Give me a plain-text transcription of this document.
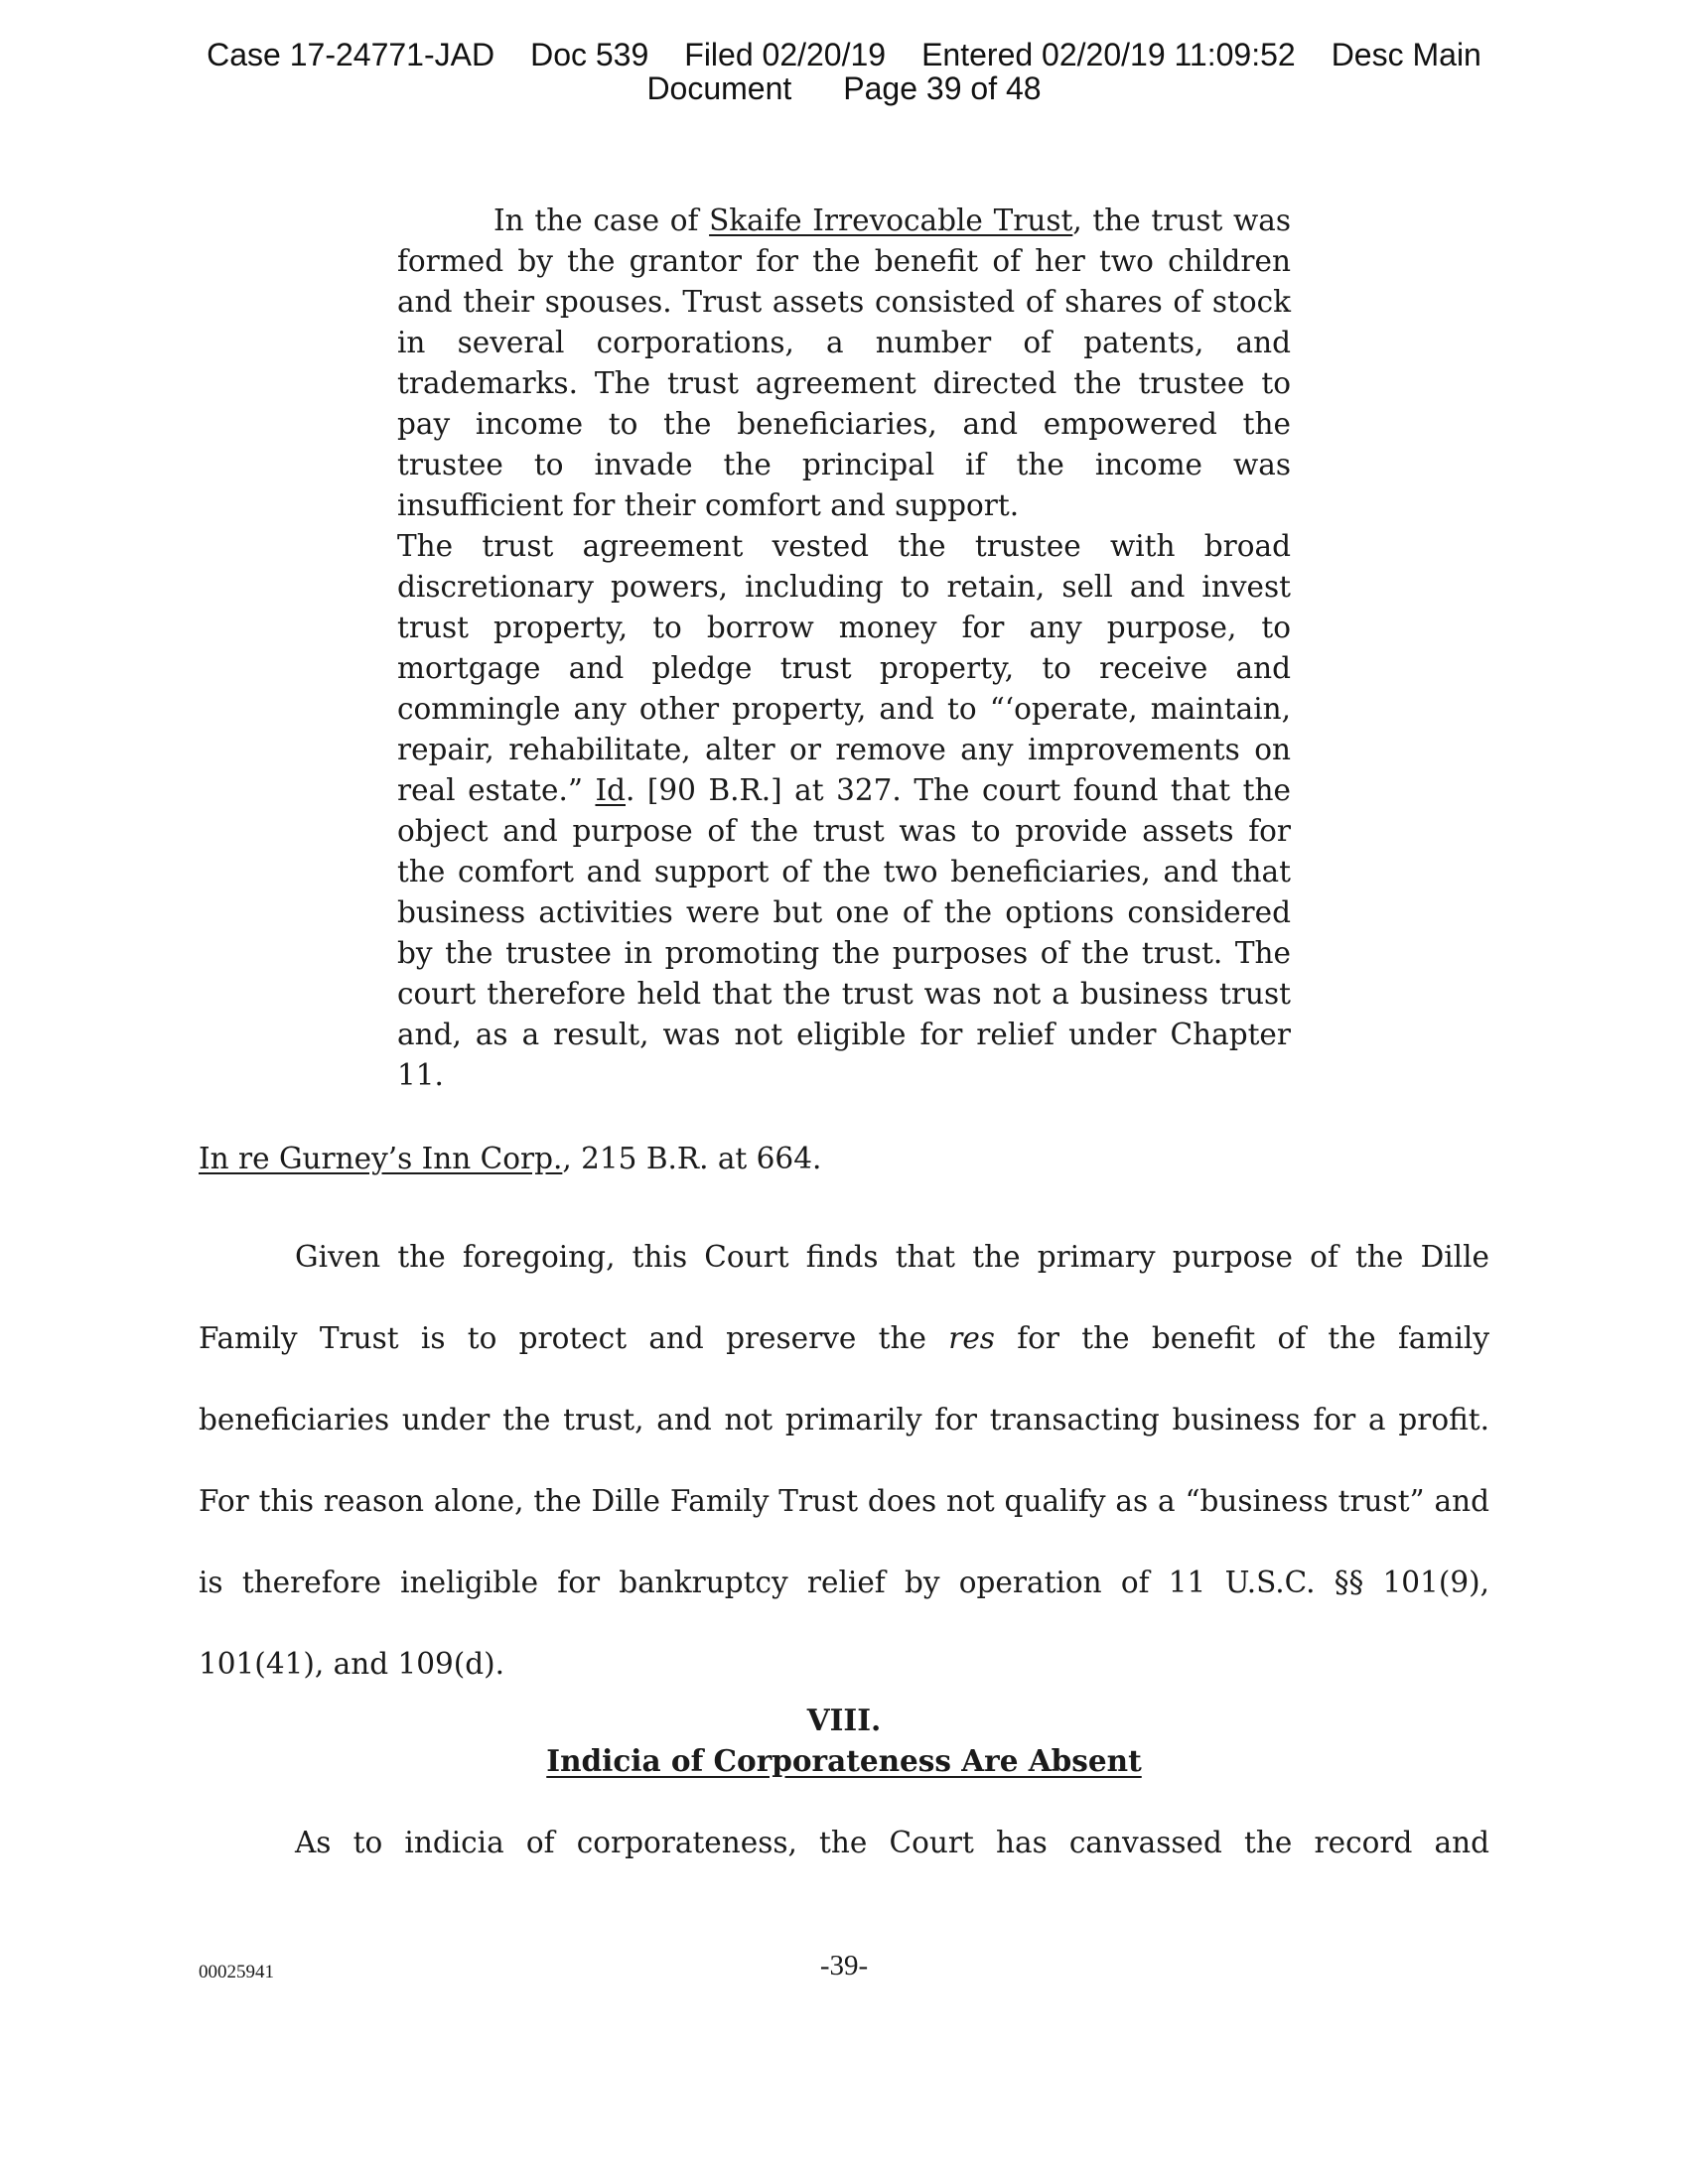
Case 17-24771-JAD Doc 539 Filed 02/20/19 Entered 02/20/19 11:09:52 Desc Main
Document Page 39 of 48

In the case of Skaife Irrevocable Trust, the trust was formed by the grantor for the benefit of her two children and their spouses. Trust assets consisted of shares of stock in several corporations, a number of patents, and trademarks. The trust agreement directed the trustee to pay income to the beneficiaries, and empowered the trustee to invade the principal if the income was insufficient for their comfort and support.
The trust agreement vested the trustee with broad discretionary powers, including to retain, sell and invest trust property, to borrow money for any purpose, to mortgage and pledge trust property, to receive and commingle any other property, and to “‘operate, maintain, repair, rehabilitate, alter or remove any improvements on real estate.” Id. [90 B.R.] at 327. The court found that the object and purpose of the trust was to provide assets for the comfort and support of the two beneficiaries, and that business activities were but one of the options considered by the trustee in promoting the purposes of the trust. The court therefore held that the trust was not a business trust and, as a result, was not eligible for relief under Chapter 11.

In re Gurney’s Inn Corp., 215 B.R. at 664.

Given the foregoing, this Court finds that the primary purpose of the Dille Family Trust is to protect and preserve the res for the benefit of the family beneficiaries under the trust, and not primarily for transacting business for a profit. For this reason alone, the Dille Family Trust does not qualify as a “business trust” and is therefore ineligible for bankruptcy relief by operation of 11 U.S.C. §§ 101(9), 101(41), and 109(d).

VIII.
Indicia of Corporateness Are Absent
As to indicia of corporateness, the Court has canvassed the record and
00025941	-39-
